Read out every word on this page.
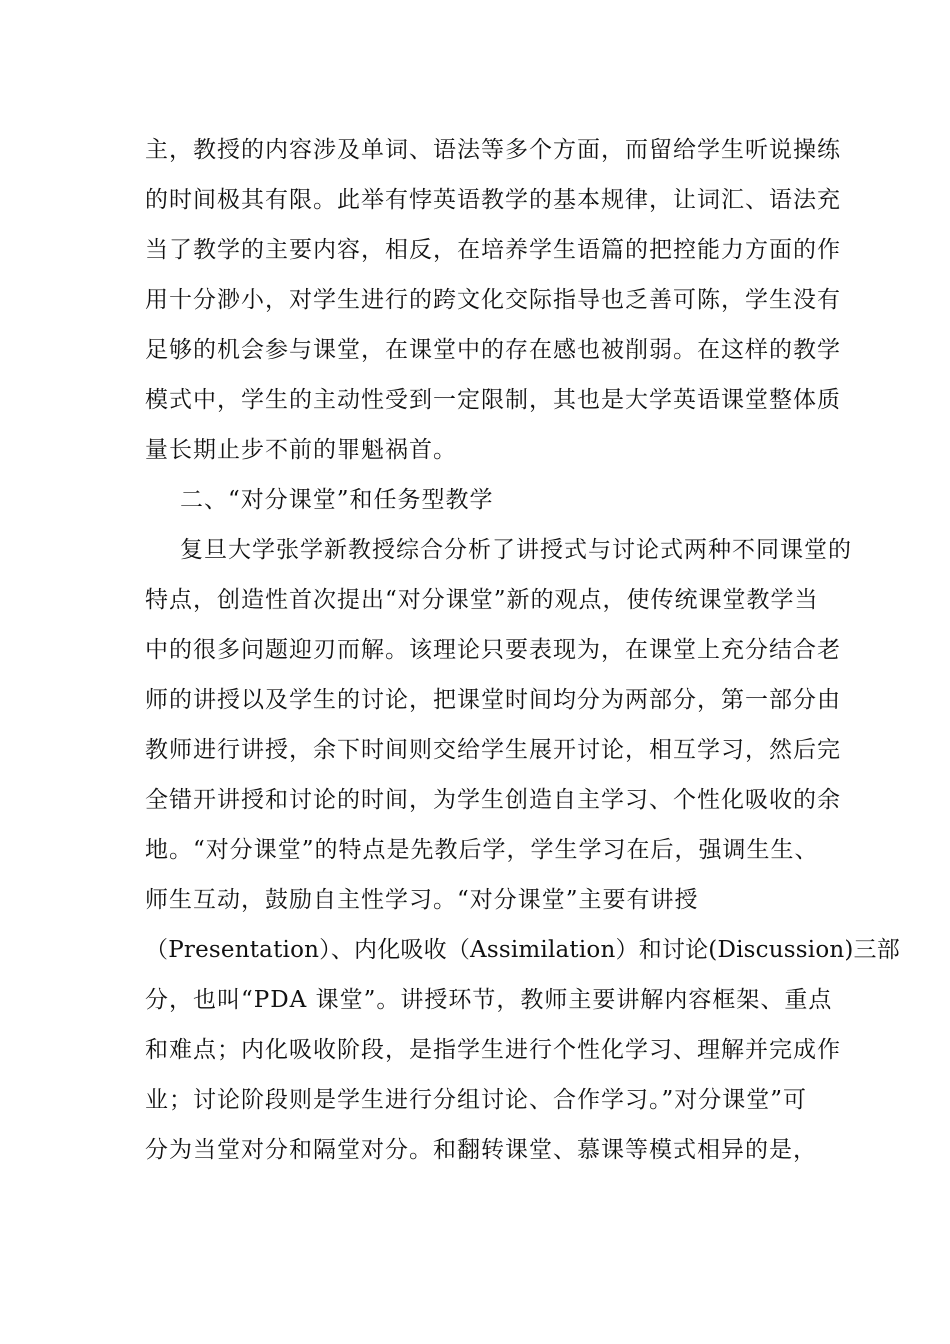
主，教授的内容涉及单词、语法等多个方面，而留给学生听说操练
的时间极其有限。此举有悖英语教学的基本规律，让词汇、语法充
当了教学的主要内容，相反，在培养学生语篇的把控能力方面的作
用十分渺小，对学生进行的跨文化交际指导也乏善可陈，学生没有
足够的机会参与课堂，在课堂中的存在感也被削弱。在这样的教学
模式中，学生的主动性受到一定限制，其也是大学英语课堂整体质
量长期止步不前的罪魁祸首。
二、“对分课堂”和任务型教学
复旦大学张学新教授综合分析了讲授式与讨论式两种不同课堂的
特点，创造性首次提出“对分课堂”新的观点，使传统课堂教学当
中的很多问题迎刃而解。该理论只要表现为，在课堂上充分结合老
师的讲授以及学生的讨论，把课堂时间均分为两部分，第一部分由
教师进行讲授，余下时间则交给学生展开讨论，相互学习，然后完
全错开讲授和讨论的时间，为学生创造自主学习、个性化吸收的余
地。“对分课堂”的特点是先教后学，学生学习在后，强调生生、
师生互动，鼓励自主性学习。“对分课堂”主要有讲授
（Presentation）、内化吸收（Assimilation）和讨论(Discussion)三部
分，也叫“PDA 课堂”。讲授环节，教师主要讲解内容框架、重点
和难点；内化吸收阶段，是指学生进行个性化学习、理解并完成作
业；讨论阶段则是学生进行分组讨论、合作学习。”对分课堂”可
分为当堂对分和隔堂对分。和翻转课堂、慕课等模式相异的是，
